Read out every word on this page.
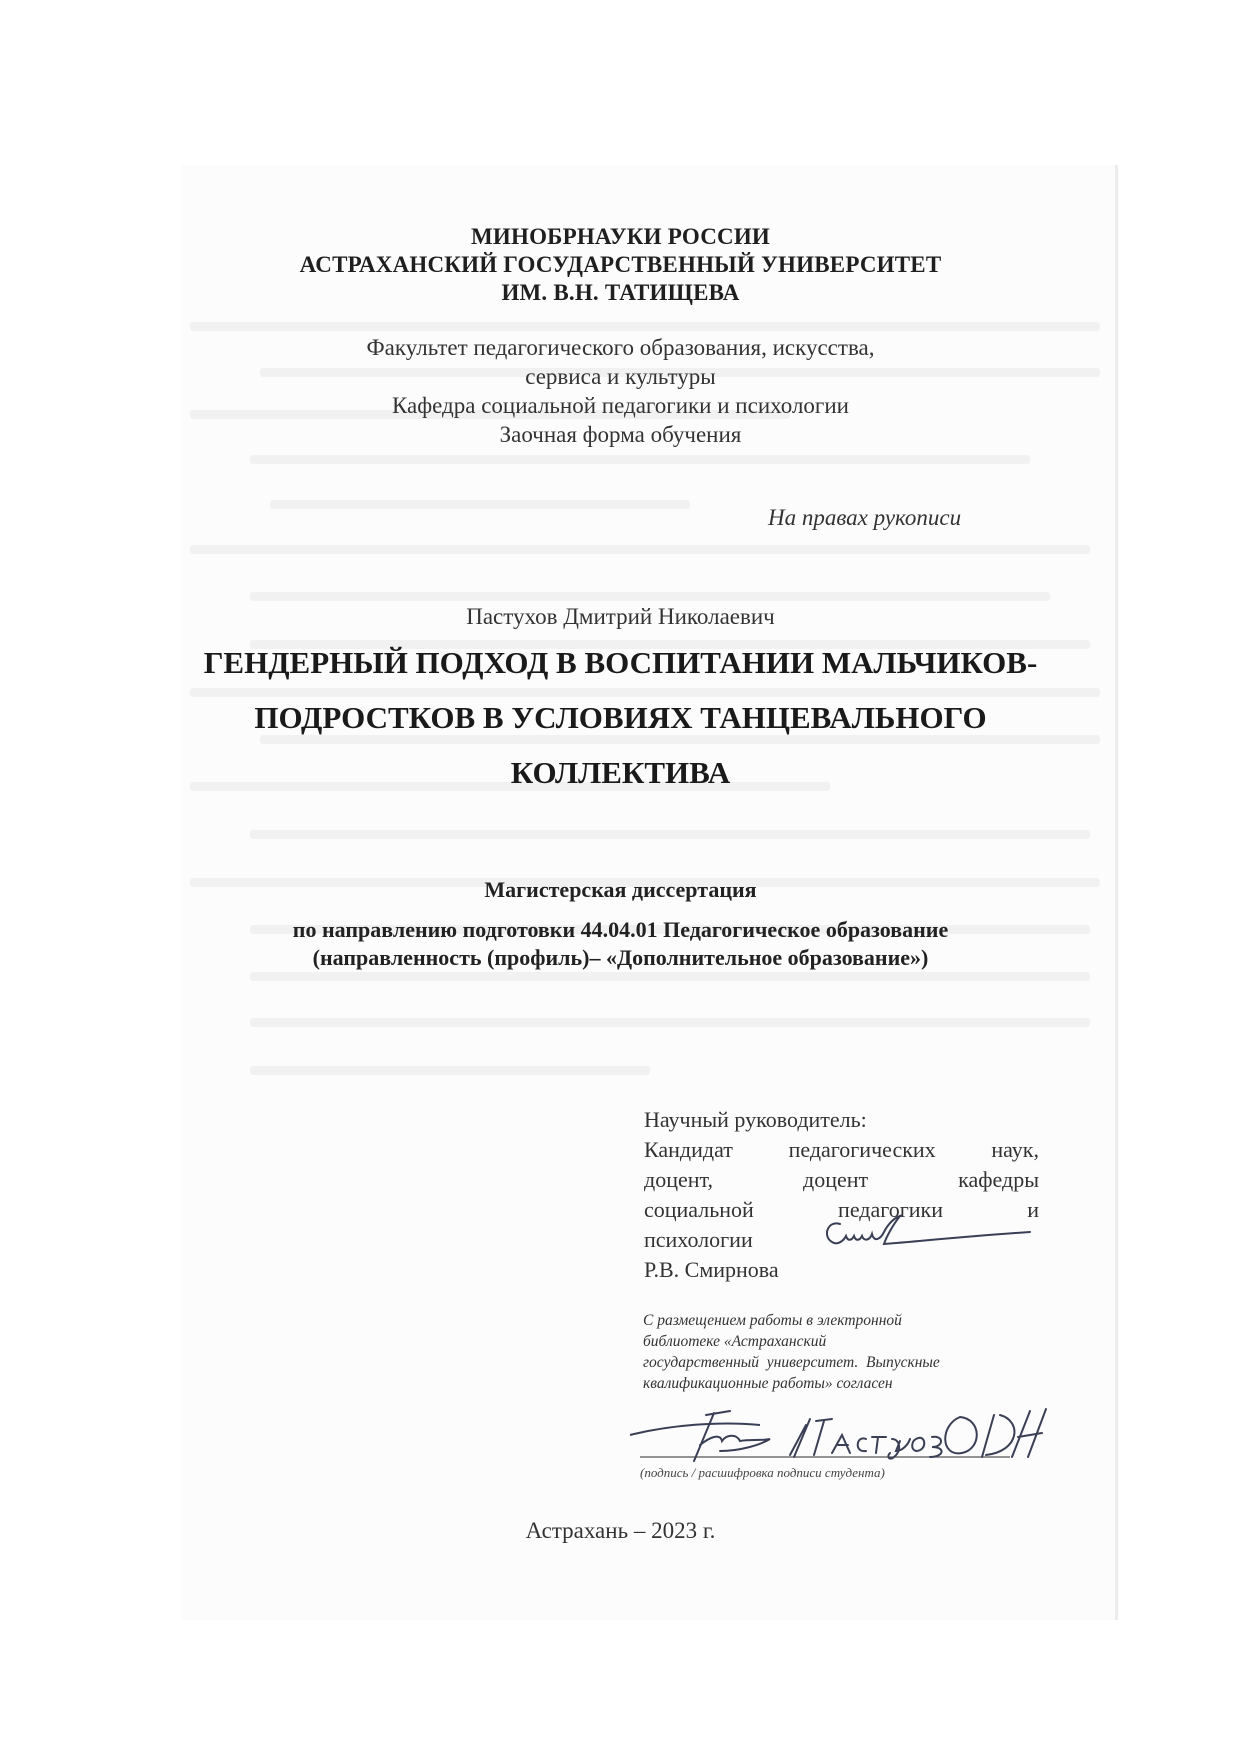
МИНОБРНАУКИ РОССИИ
АСТРАХАНСКИЙ ГОСУДАРСТВЕННЫЙ УНИВЕРСИТЕТ
ИМ. В.Н. ТАТИЩЕВА
Факультет педагогического образования, искусства,
сервиса и культуры
Кафедра социальной педагогики и психологии
Заочная форма обучения
На правах рукописи
Пастухов Дмитрий Николаевич
ГЕНДЕРНЫЙ ПОДХОД В ВОСПИТАНИИ МАЛЬЧИКОВ-
ПОДРОСТКОВ В УСЛОВИЯХ ТАНЦЕВАЛЬНОГО
КОЛЛЕКТИВА
Магистерская диссертация
по направлению подготовки 44.04.01 Педагогическое образование
(направленность (профиль)– «Дополнительное образование»)
Научный руководитель:
Кандидат	педагогических	наук,
доцент,	доцент	кафедры
социальной	педагогики	и
психологии
Р.В. Смирнова
С размещением работы в электронной
библиотеке «Астраханский
государственный  университет.  Выпускные
квалификационные работы» согласен
(подпись / расшифровка подписи студента)
Астрахань – 2023 г.
